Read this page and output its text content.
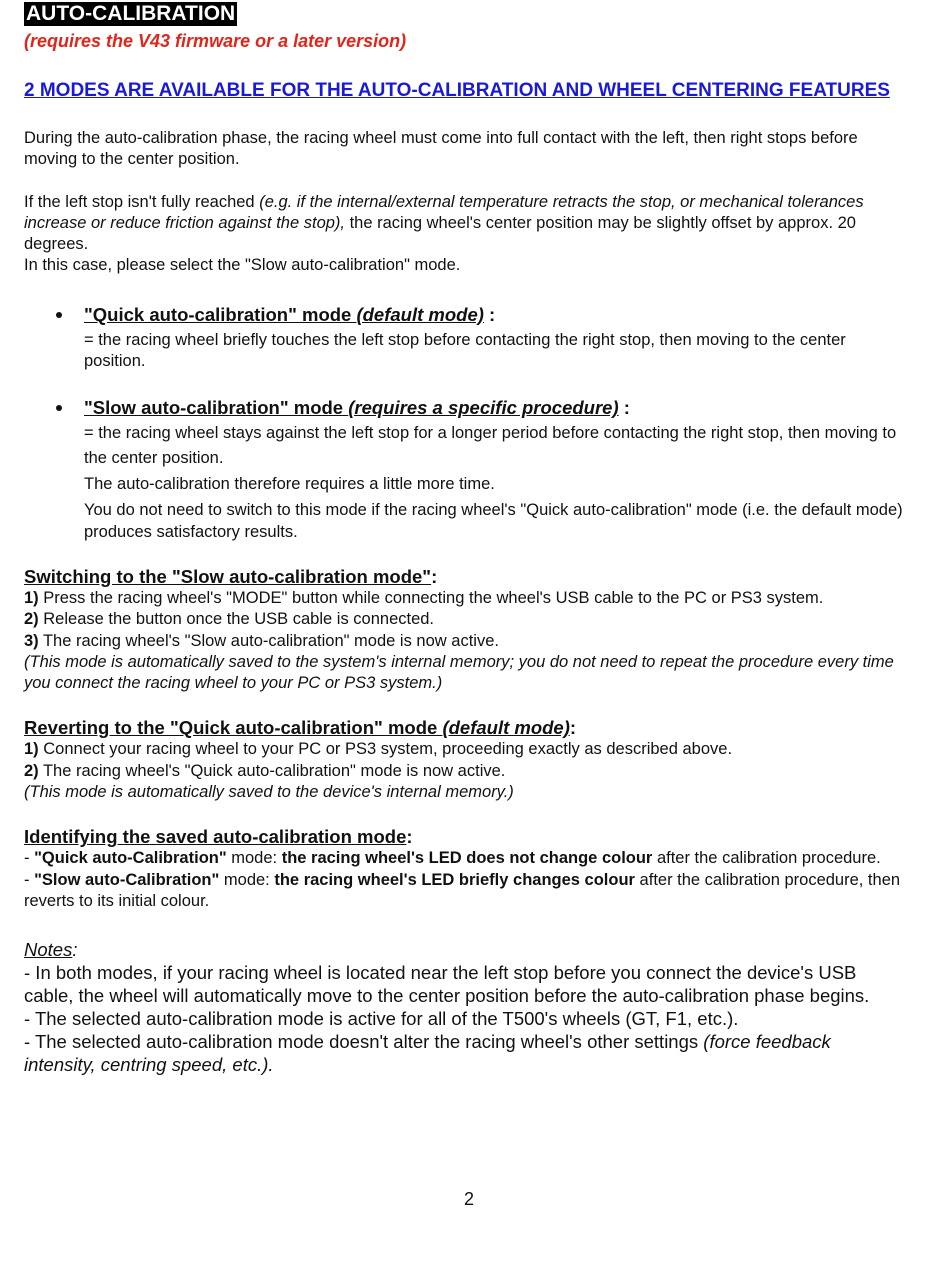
AUTO-CALIBRATION
(requires the V43 firmware or a later version)
2 MODES ARE AVAILABLE FOR THE AUTO-CALIBRATION AND WHEEL CENTERING FEATURES

During the auto-calibration phase, the racing wheel must come into full contact with the left, then right stops before moving to the center position.

If the left stop isn't fully reached (e.g. if the internal/external temperature retracts the stop, or mechanical tolerances increase or reduce friction against the stop), the racing wheel's center position may be slightly offset by approx. 20 degrees.

In this case, please select the "Slow auto-calibration" mode.

"Quick auto-calibration" mode (default mode) :
= the racing wheel briefly touches the left stop before contacting the right stop, then moving to the center position.
"Slow auto-calibration" mode (requires a specific procedure) :
= the racing wheel stays against the left stop for a longer period before contacting the right stop, then moving to the center position.
The auto-calibration therefore requires a little more time.
You do not need to switch to this mode if the racing wheel's "Quick auto-calibration" mode (i.e. the default mode) produces satisfactory results.
Switching to the "Slow auto-calibration mode":

1) Press the racing wheel's "MODE" button while connecting the wheel's USB cable to the PC or PS3 system.

2) Release the button once the USB cable is connected.

3) The racing wheel's "Slow auto-calibration" mode is now active.

(This mode is automatically saved to the system's internal memory; you do not need to repeat the procedure every time you connect the racing wheel to your PC or PS3 system.)

Reverting to the "Quick auto-calibration" mode (default mode):

1) Connect your racing wheel to your PC or PS3 system, proceeding exactly as described above.

2) The racing wheel's "Quick auto-calibration" mode is now active.

(This mode is automatically saved to the device's internal memory.)

Identifying the saved auto-calibration mode:

- "Quick auto-Calibration" mode: the racing wheel's LED does not change colour after the calibration procedure.

- "Slow auto-Calibration" mode: the racing wheel's LED briefly changes colour after the calibration procedure, then reverts to its initial colour.

Notes:
- In both modes, if your racing wheel is located near the left stop before you connect the device's USB cable, the wheel will automatically move to the center position before the auto-calibration phase begins.
- The selected auto-calibration mode is active for all of the T500's wheels (GT, F1, etc.).
- The selected auto-calibration mode doesn't alter the racing wheel's other settings (force feedback intensity, centring speed, etc.).
2
